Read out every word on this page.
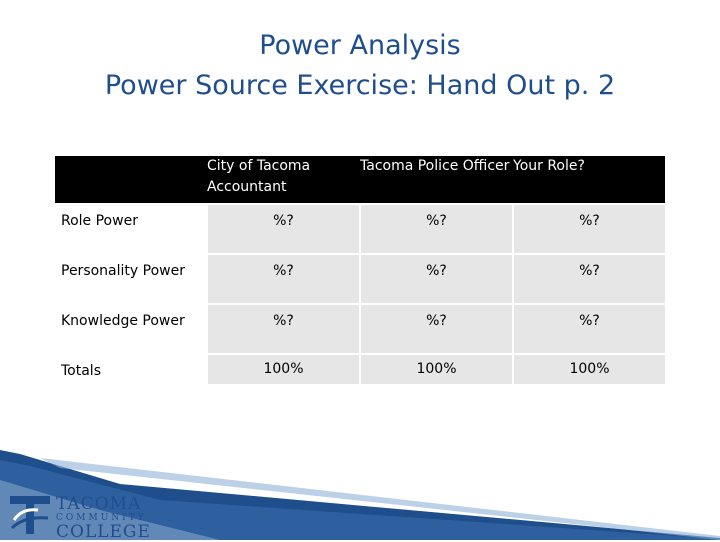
Power Analysis
Power Source Exercise: Hand Out p. 2
	City of Tacoma Accountant	Tacoma Police Officer	Your Role?
Role Power	%?	%?	%?
Personality Power	%?	%?	%?
Knowledge Power	%?	%?	%?
Totals	100%	100%	100%
TACOMA
COMMUNITY
COLLEGE
